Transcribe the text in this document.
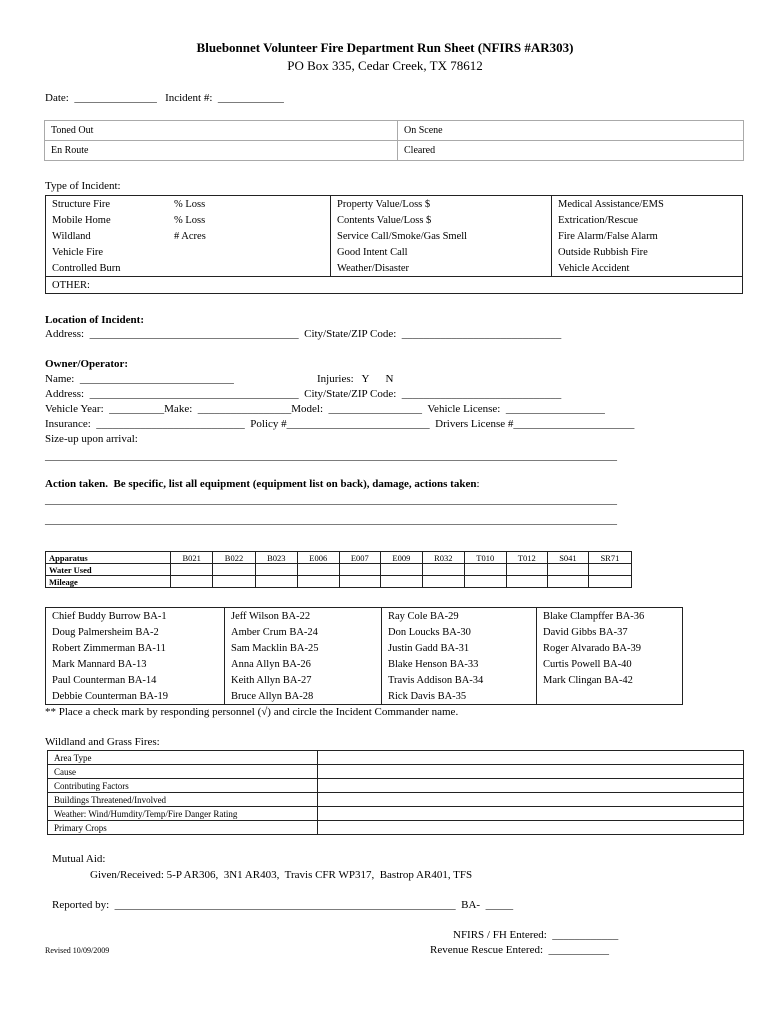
Bluebonnet Volunteer Fire Department Run Sheet (NFIRS #AR303)
PO Box 335, Cedar Creek, TX 78612
Date:  _______________   Incident #:  ____________
Toned Out	On Scene
En Route	Cleared
Type of Incident:
Structure Fire	% Loss	Property Value/Loss $	Medical Assistance/EMS
Mobile Home	% Loss	Contents Value/Loss $	Extrication/Rescue
Wildland	# Acres	Service Call/Smoke/Gas Smell	Fire Alarm/False Alarm
Vehicle Fire		Good Intent Call	Outside Rubbish Fire
Controlled Burn		Weather/Disaster	Vehicle Accident
OTHER:			
Location of Incident:
Address:  ______________________________________  City/State/ZIP Code:  _____________________________
Owner/Operator:
Name:  ____________________________	Injuries:   Y      N
Address:  ______________________________________  City/State/ZIP Code:  _____________________________
Vehicle Year:  __________Make:  _________________Model:  _________________  Vehicle License:  __________________
Insurance:  ___________________________  Policy #__________________________  Drivers License #______________________
Size-up upon arrival:
________________________________________________________________________________________________________
Action taken.  Be specific, list all equipment (equipment list on back), damage, actions taken:
________________________________________________________________________________________________________
________________________________________________________________________________________________________
Apparatus	B021	B022	B023	E006	E007	E009	R032	T010	T012	S041	SR71
Water Used											
Mileage											
Chief Buddy Burrow BA-1	Jeff Wilson BA-22	Ray Cole BA-29	Blake Clampffer BA-36
Doug Palmersheim BA-2	Amber Crum BA-24	Don Loucks BA-30	David Gibbs BA-37
Robert Zimmerman BA-11	Sam Macklin BA-25	Justin Gadd BA-31	Roger Alvarado BA-39
Mark Mannard BA-13	Anna Allyn BA-26	Blake Henson BA-33	Curtis Powell BA-40
Paul Counterman BA-14	Keith Allyn BA-27	Travis Addison BA-34	Mark Clingan BA-42
Debbie Counterman BA-19	Bruce Allyn BA-28	Rick Davis BA-35	
** Place a check mark by responding personnel (√) and circle the Incident Commander name.
Wildland and Grass Fires:
Area Type	
Cause	
Contributing Factors	
Buildings Threatened/Involved	
Weather: Wind/Humdity/Temp/Fire Danger Rating	
Primary Crops	
Mutual Aid:
Given/Received: 5-P AR306,  3N1 AR403,  Travis CFR WP317,  Bastrop AR401, TFS
Reported by:  ______________________________________________________________  BA-  _____
NFIRS / FH Entered:  ____________
Revised 10/09/2009	Revenue Rescue Entered:  ___________
